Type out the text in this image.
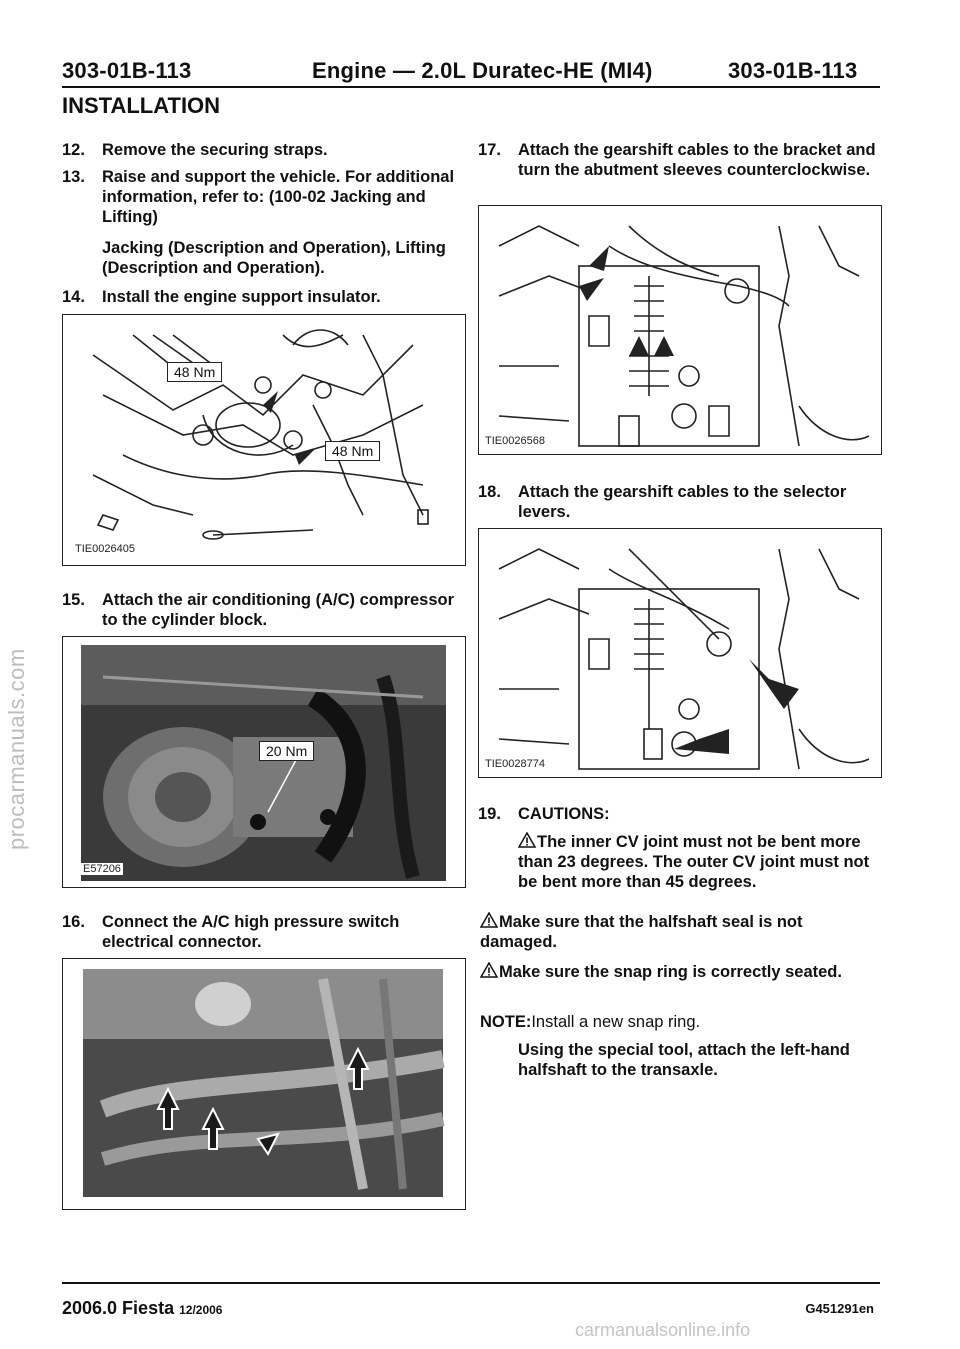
303-01B-113	Engine — 2.0L Duratec-HE (MI4)	303-01B-113
INSTALLATION
12. Remove the securing straps.
13. Raise and support the vehicle. For additional information, refer to: (100-02 Jacking and Lifting)
Jacking (Description and Operation), Lifting (Description and Operation).
14. Install the engine support insulator.
48 Nm
48 Nm
TIE0026405
15. Attach the air conditioning (A/C) compressor to the cylinder block.
20 Nm
E57206
16. Connect the A/C high pressure switch electrical connector.
17. Attach the gearshift cables to the bracket and turn the abutment sleeves counterclockwise.
TIE0026568
18. Attach the gearshift cables to the selector levers.
TIE0028774
19. CAUTIONS:
The inner CV joint must not be bent more than 23 degrees. The outer CV joint must not be bent more than 45 degrees.
Make sure that the halfshaft seal is not damaged.
Make sure the snap ring is correctly seated.
NOTE:Install a new snap ring.
Using the special tool, attach the left-hand halfshaft to the transaxle.
2006.0 Fiesta 12/2006	G451291en
procarmanuals.com
carmanualsonline.info
